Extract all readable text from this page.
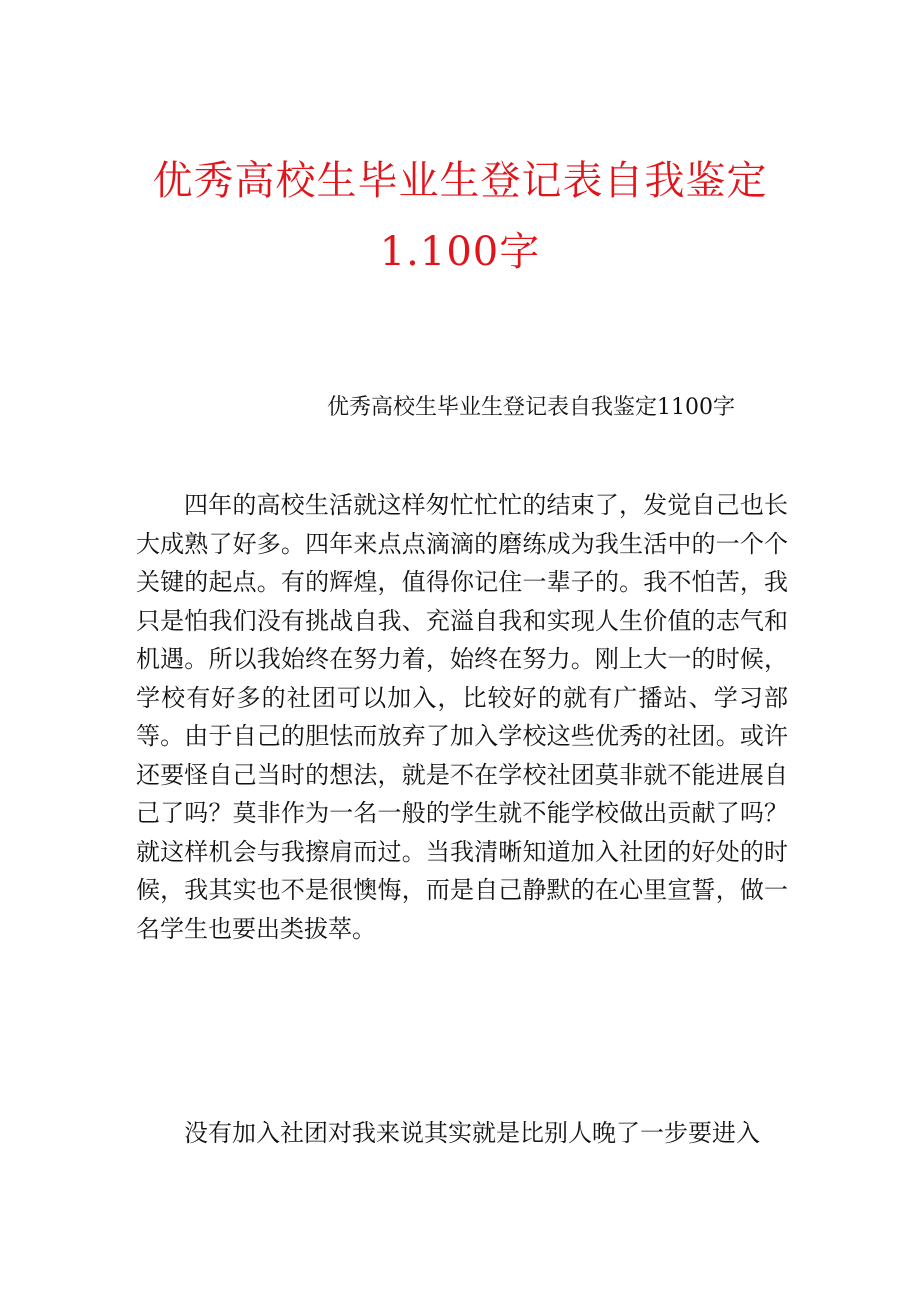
优秀高校生毕业生登记表自我鉴定
1.100字
优秀高校生毕业生登记表自我鉴定1100字
四年的高校生活就这样匆忙忙忙的结束了，发觉自己也长大成熟了好多。四年来点点滴滴的磨练成为我生活中的一个个关键的起点。有的辉煌，值得你记住一辈子的。我不怕苦，我只是怕我们没有挑战自我、充溢自我和实现人生价值的志气和机遇。所以我始终在努力着，始终在努力。刚上大一的时候，学校有好多的社团可以加入，比较好的就有广播站、学习部等。由于自己的胆怯而放弃了加入学校这些优秀的社团。或许还要怪自己当时的想法，就是不在学校社团莫非就不能进展自己了吗？莫非作为一名一般的学生就不能学校做出贡献了吗？就这样机会与我擦肩而过。当我清晰知道加入社团的好处的时候，我其实也不是很懊悔，而是自己静默的在心里宣誓，做一名学生也要出类拔萃。
没有加入社团对我来说其实就是比别人晚了一步要进入
